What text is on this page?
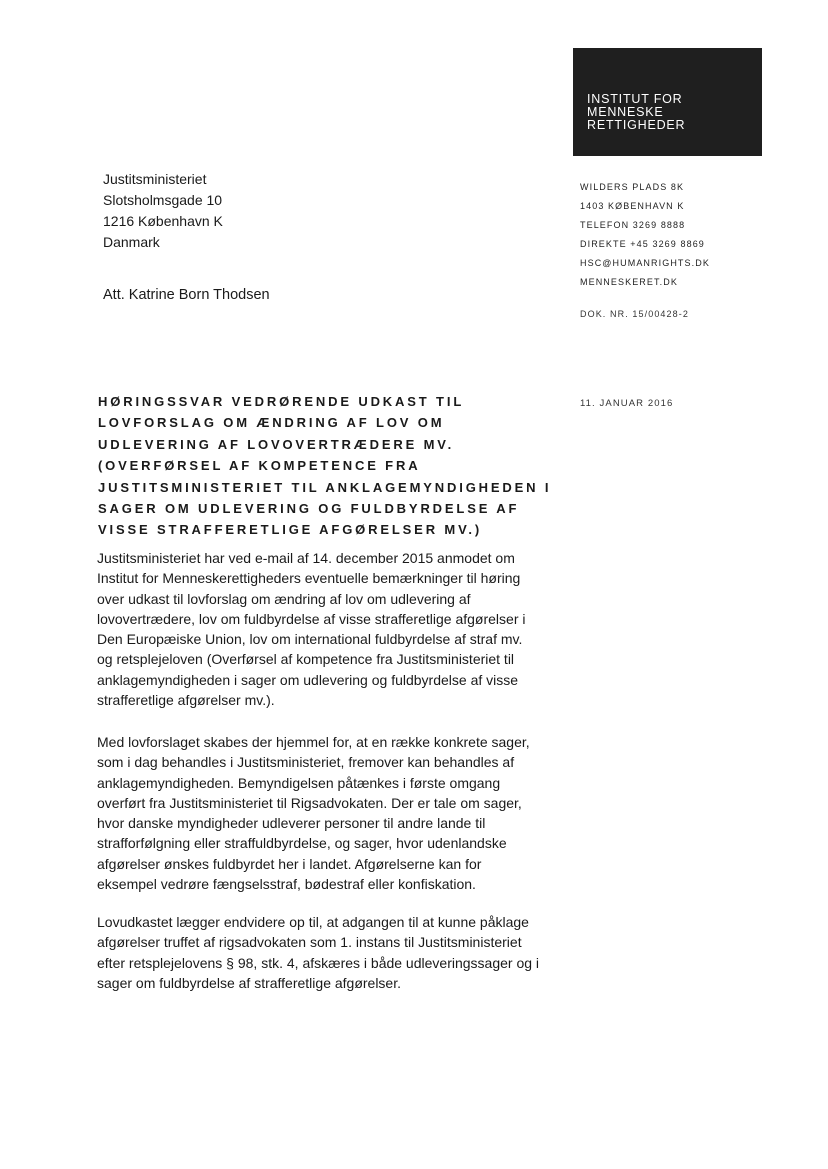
INSTITUT FOR
MENNESKE
RETTIGHEDER
Justitsministeriet
Slotsholmsgade 10
1216 København K
Danmark
Att. Katrine Born Thodsen
WILDERS PLADS 8K
1403 KØBENHAVN K
TELEFON 3269 8888
DIREKTE +45 3269 8869
HSC@HUMANRIGHTS.DK
MENNESKERET.DK
DOK. NR. 15/00428-2
11. JANUAR 2016
HØRINGSSVAR VEDRØRENDE UDKAST TIL
LOVFORSLAG OM ÆNDRING AF LOV OM
UDLEVERING AF LOVOVERTRÆDERE MV.
(OVERFØRSEL AF KOMPETENCE FRA
JUSTITSMINISTERIET TIL ANKLAGEMYNDIGHEDEN I
SAGER OM UDLEVERING OG FULDBYRDELSE AF
VISSE STRAFFERETLIGE AFGØRELSER MV.)
Justitsministeriet har ved e-mail af 14. december 2015 anmodet om
Institut for Menneskerettigheders eventuelle bemærkninger til høring
over udkast til lovforslag om ændring af lov om udlevering af
lovovertrædere, lov om fuldbyrdelse af visse strafferetlige afgørelser i
Den Europæiske Union, lov om international fuldbyrdelse af straf mv.
og retsplejeloven (Overførsel af kompetence fra Justitsministeriet til
anklagemyndigheden i sager om udlevering og fuldbyrdelse af visse
strafferetlige afgørelser mv.).
Med lovforslaget skabes der hjemmel for, at en række konkrete sager,
som i dag behandles i Justitsministeriet, fremover kan behandles af
anklagemyndigheden. Bemyndigelsen påtænkes i første omgang
overført fra Justitsministeriet til Rigsadvokaten. Der er tale om sager,
hvor danske myndigheder udleverer personer til andre lande til
strafforfølgning eller straffuldbyrdelse, og sager, hvor udenlandske
afgørelser ønskes fuldbyrdet her i landet. Afgørelserne kan for
eksempel vedrøre fængselsstraf, bødestraf eller konfiskation.
Lovudkastet lægger endvidere op til, at adgangen til at kunne påklage
afgørelser truffet af rigsadvokaten som 1. instans til Justitsministeriet
efter retsplejelovens § 98, stk. 4, afskæres i både udleveringssager og i
sager om fuldbyrdelse af strafferetlige afgørelser.
